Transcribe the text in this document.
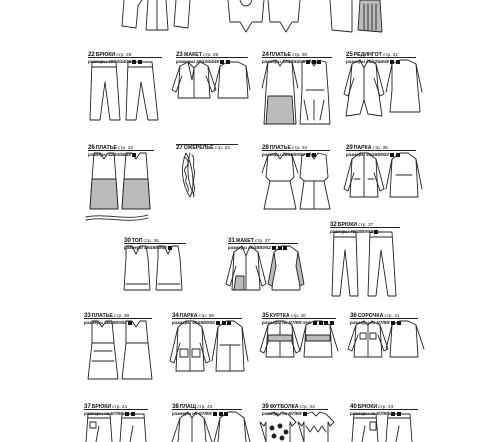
22БРЮКИстр. 28
размеры 40/42/44/46
23ЖАКЕТстр. 29
размеры 40/42/44/46
24ПЛАТЬЕстр. 30
размеры 40/42/44/46
25РЕДИНГОТстр. 31
размеры 40/42/44/46
26ПЛАТЬЕстр. 32
размеры 42/44/46/48
27ОЖЕРЕЛЬЕстр. 33	28ПЛАТЬЕстр. 34
размеры 46/48/50/52
29ПАРКАстр. 35
размеры 46/48/50/52
30ТОПстр. 36
размеры 46/48/50/52
31ЖАКЕТстр. 37
размеры 46/48/50/52
32БРЮКИстр. 37
размеры 46/48/50/52
33ПЛАТЬЕстр. 38
размеры 46/48/50/52
34ПАРКАстр. 39
размеры 46/48/50/52
35КУРТКАстр. 40
размеры на 6/7/8/9 лет
36СОРОЧКАстр. 41
размеры на 6/7/8/9
37БРЮКИстр. 41
размеры на 6/7/8/9
38ПЛАЩстр. 42
размеры на 6/7/8/9
39ФУТБОЛКАстр. 43
размеры на 6/7/8/9
40БРЮКИстр. 43
размеры на 6/7/8/9
